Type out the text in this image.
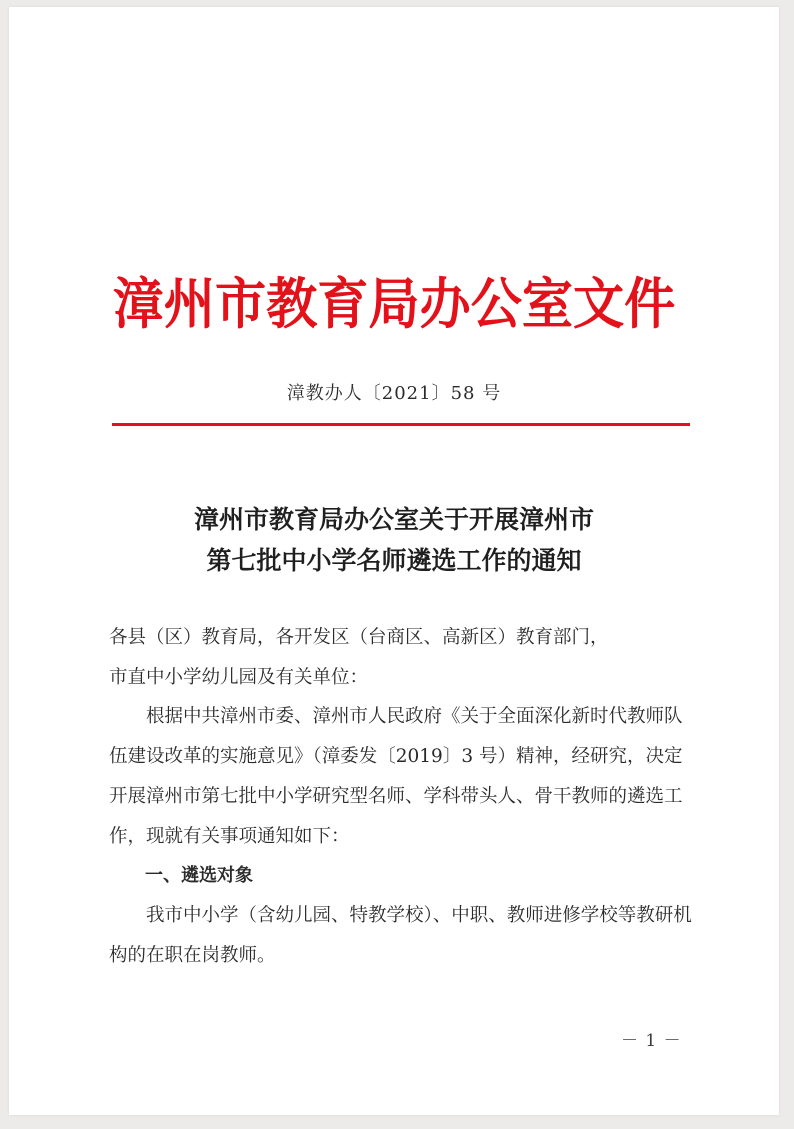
漳州市教育局办公室文件
漳教办人〔2021〕58 号
漳州市教育局办公室关于开展漳州市
第七批中小学名师遴选工作的通知

各县（区）教育局，各开发区（台商区、高新区）教育部门，

市直中小学幼儿园及有关单位：

根据中共漳州市委、漳州市人民政府《关于全面深化新时代教师队伍建设改革的实施意见》（漳委发〔2019〕3 号）精神，经研究，决定开展漳州市第七批中小学研究型名师、学科带头人、骨干教师的遴选工作，现就有关事项通知如下：

一、遴选对象

我市中小学（含幼儿园、特教学校）、中职、教师进修学校等教研机构的在职在岗教师。

－ 1 －
